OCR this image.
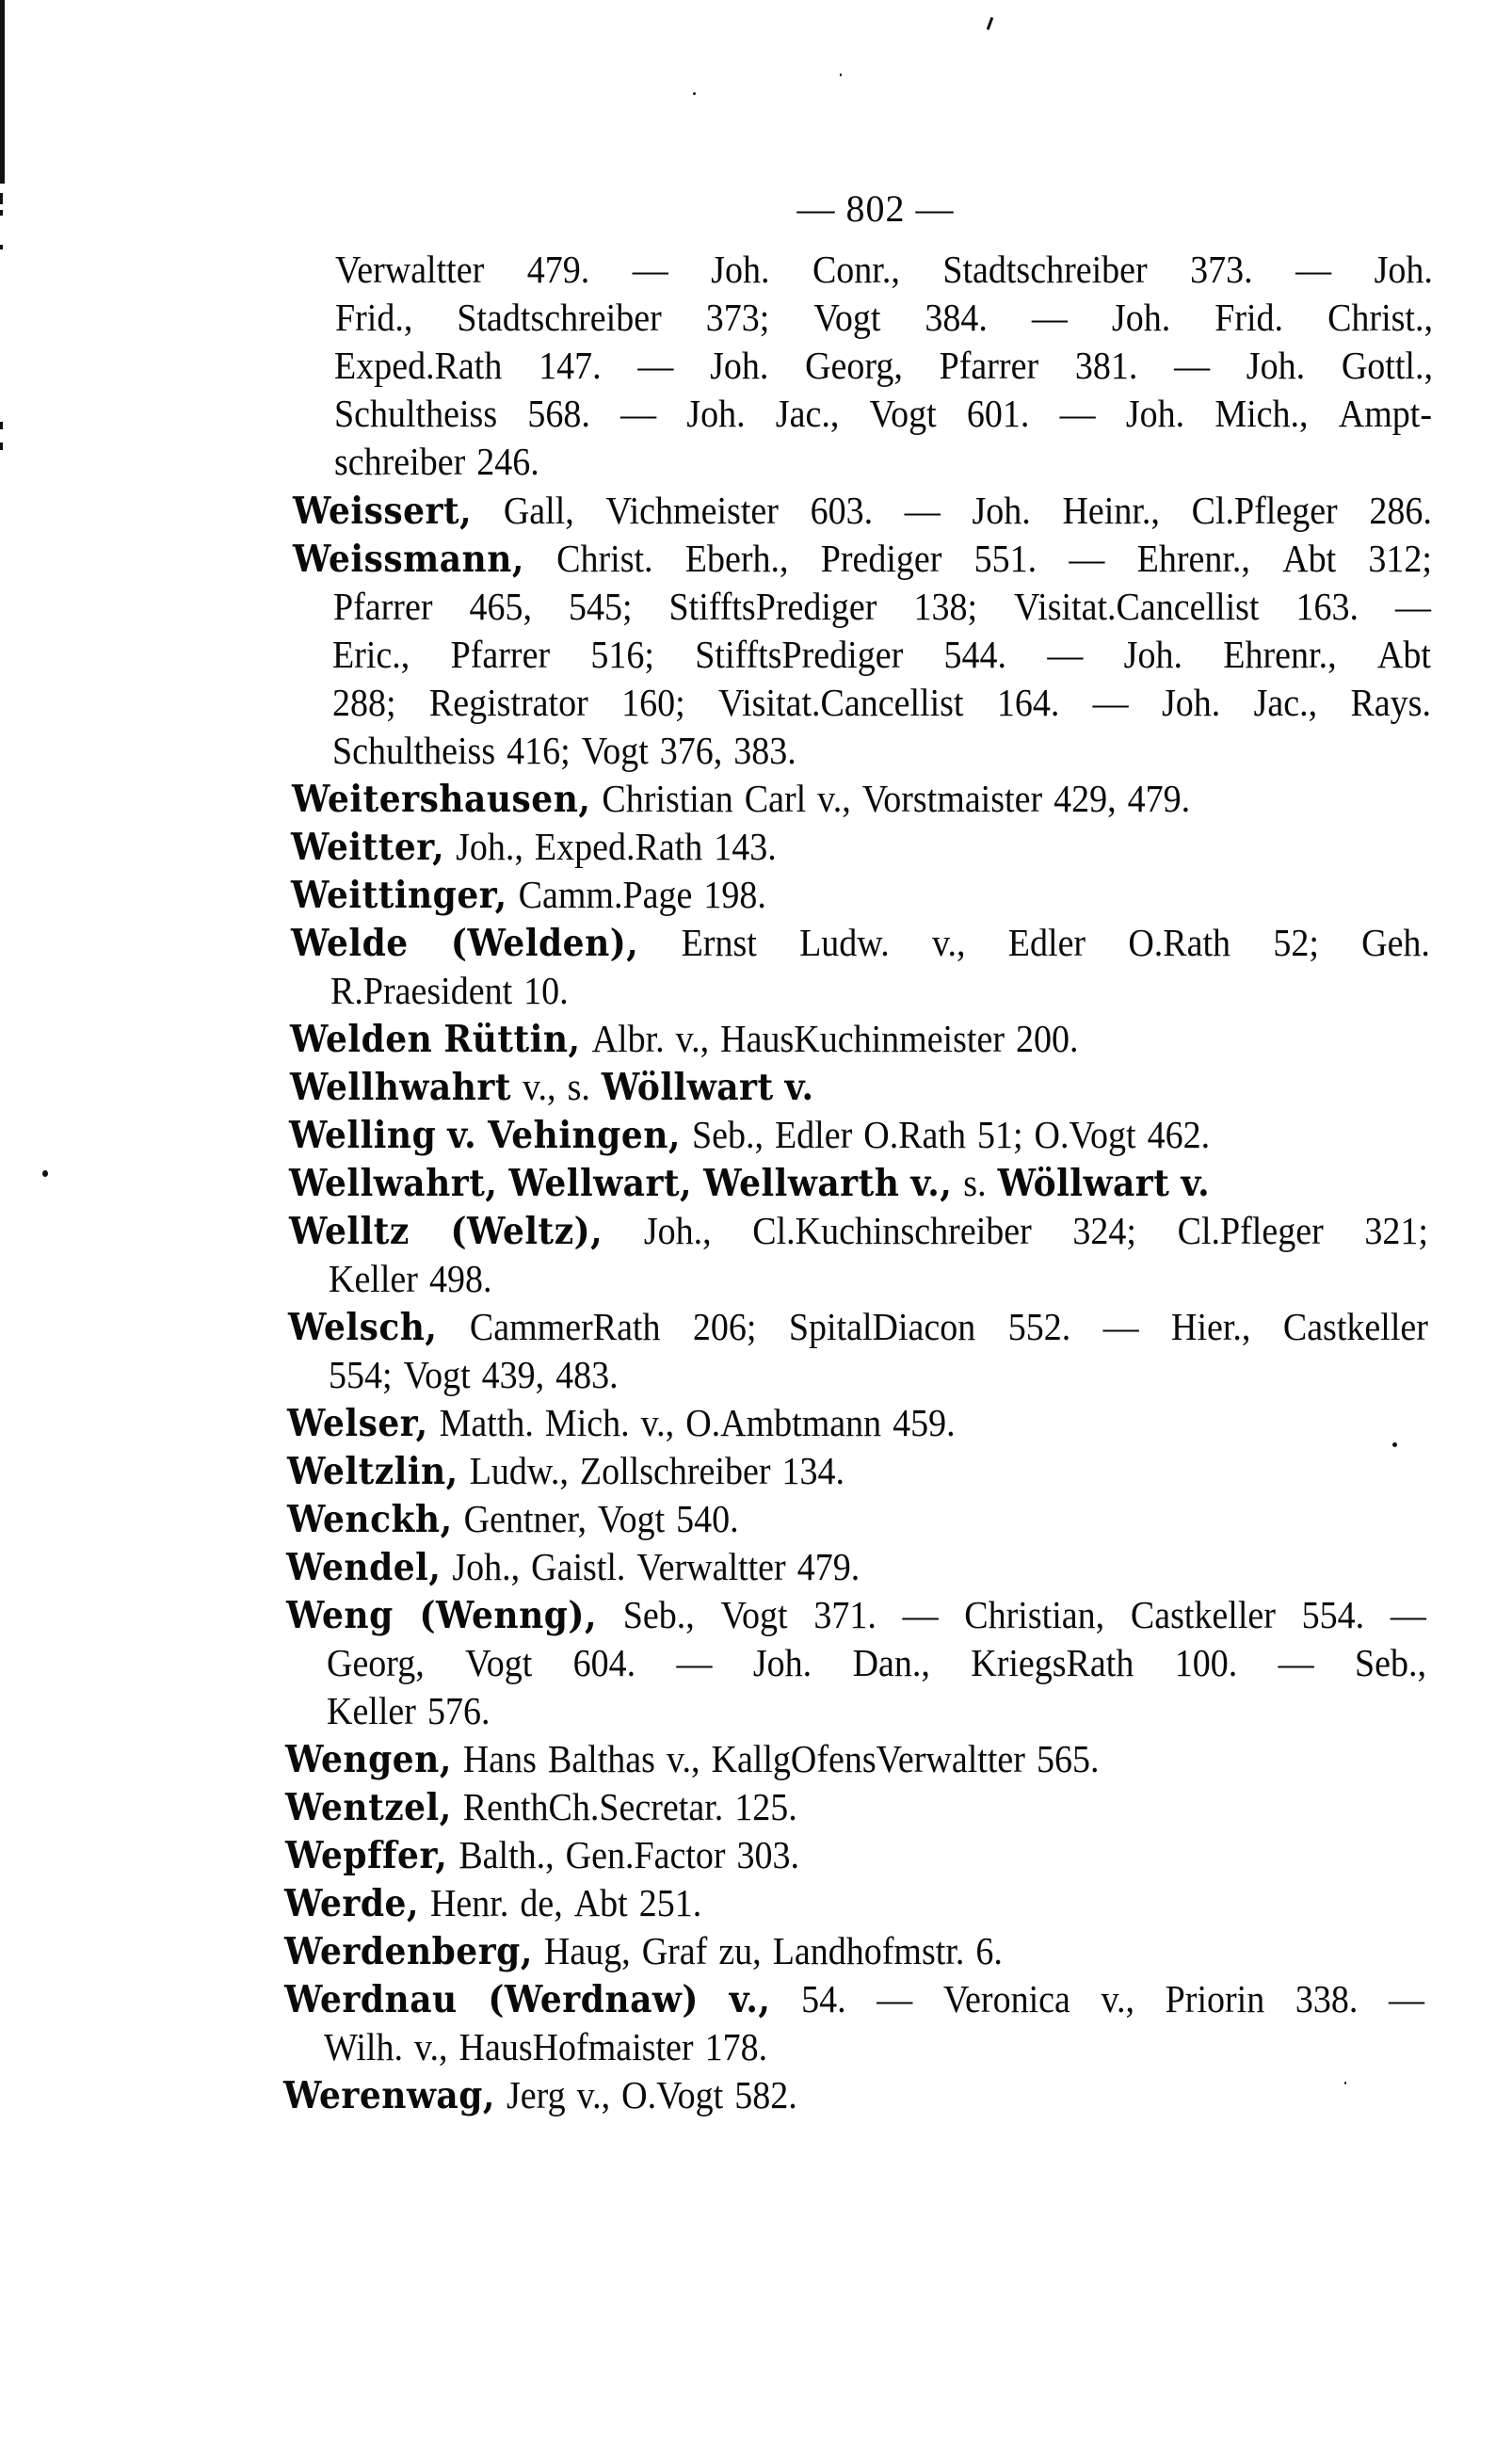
— 802 —
Verwaltter 479. — Joh. Conr., Stadtschreiber 373. — Joh.
Frid., Stadtschreiber 373; Vogt 384. — Joh. Frid. Christ.,
Exped.Rath 147. — Joh. Georg, Pfarrer 381. — Joh. Gottl.,
Schultheiss 568. — Joh. Jac., Vogt 601. — Joh. Mich., Ampt-
schreiber 246.
Weissert, Gall, Vichmeister 603. — Joh. Heinr., Cl.Pfleger 286.
Weissmann, Christ. Eberh., Prediger 551. — Ehrenr., Abt 312;
Pfarrer 465, 545; StifftsPrediger 138; Visitat.Cancellist 163. —
Eric., Pfarrer 516; StifftsPrediger 544. — Joh. Ehrenr., Abt
288; Registrator 160; Visitat.Cancellist 164. — Joh. Jac., Rays.
Schultheiss 416; Vogt 376, 383.
Weitershausen, Christian Carl v., Vorstmaister 429, 479.
Weitter, Joh., Exped.Rath 143.
Weittinger, Camm.Page 198.
Welde (Welden), Ernst Ludw. v., Edler O.Rath 52; Geh.
R.Praesident 10.
Welden Rüttin, Albr. v., HausKuchinmeister 200.
Wellhwahrt v., s. Wöllwart v.
Welling v. Vehingen, Seb., Edler O.Rath 51; O.Vogt 462.
Wellwahrt, Wellwart, Wellwarth v., s. Wöllwart v.
Welltz (Weltz), Joh., Cl.Kuchinschreiber 324; Cl.Pfleger 321;
Keller 498.
Welsch, CammerRath 206; SpitalDiacon 552. — Hier., Castkeller
554; Vogt 439, 483.
Welser, Matth. Mich. v., O.Ambtmann 459.
Weltzlin, Ludw., Zollschreiber 134.
Wenckh, Gentner, Vogt 540.
Wendel, Joh., Gaistl. Verwaltter 479.
Weng (Wenng), Seb., Vogt 371. — Christian, Castkeller 554. —
Georg, Vogt 604. — Joh. Dan., KriegsRath 100. — Seb.,
Keller 576.
Wengen, Hans Balthas v., KallgOfensVerwaltter 565.
Wentzel, RenthCh.Secretar. 125.
Wepffer, Balth., Gen.Factor 303.
Werde, Henr. de, Abt 251.
Werdenberg, Haug, Graf zu, Landhofmstr. 6.
Werdnau (Werdnaw) v., 54. — Veronica v., Priorin 338. —
Wilh. v., HausHofmaister 178.
Werenwag, Jerg v., O.Vogt 582.
